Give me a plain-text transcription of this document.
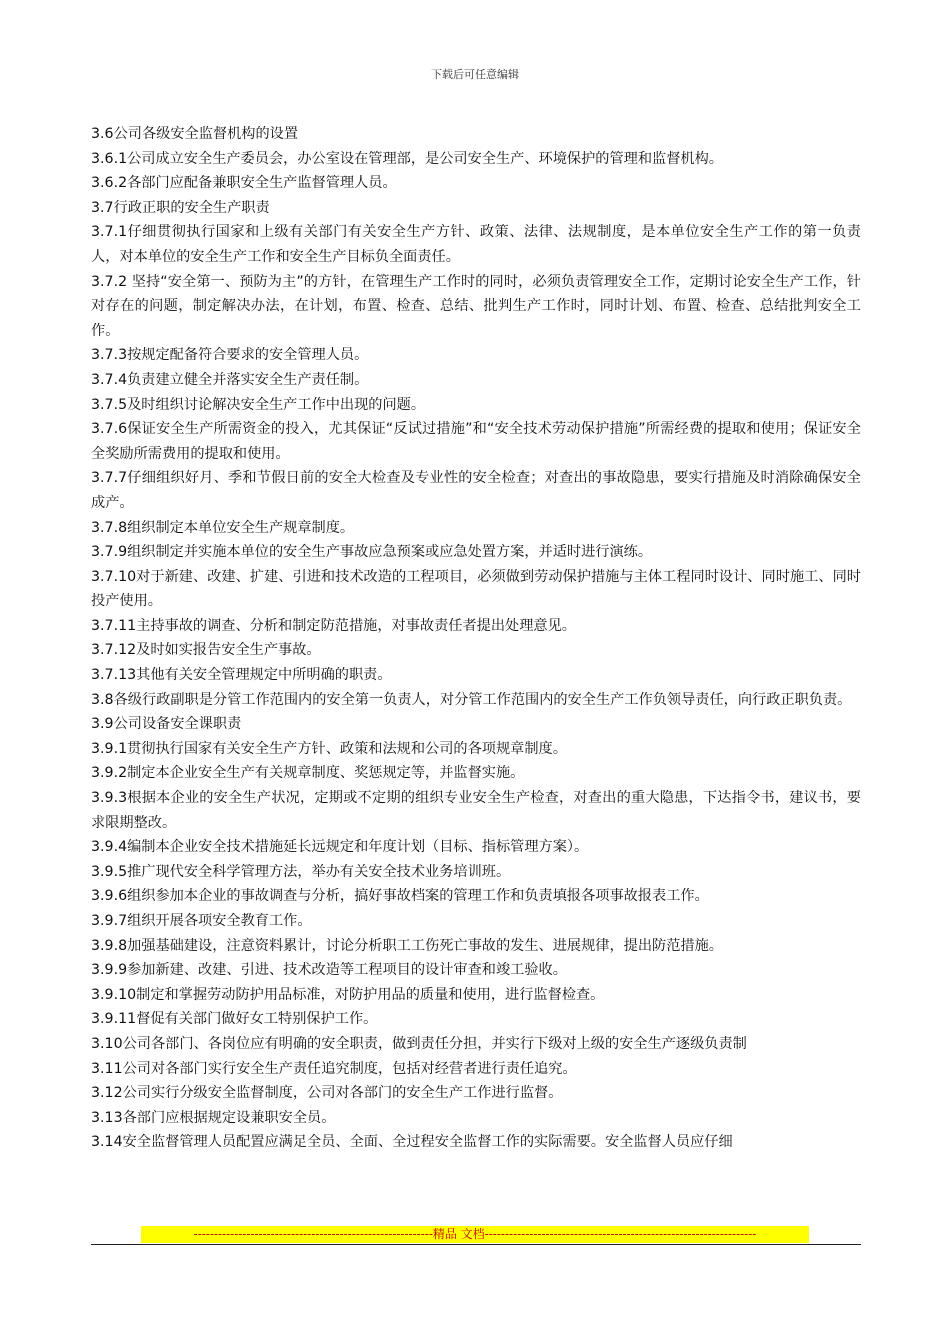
下载后可任意编辑

3.6公司各级安全监督机构的设置

3.6.1公司成立安全生产委员会，办公室设在管理部，是公司安全生产、环境保护的管理和监督机构。

3.6.2各部门应配备兼职安全生产监督管理人员。

3.7行政正职的安全生产职责

3.7.1仔细贯彻执行国家和上级有关部门有关安全生产方针、政策、法律、法规制度，是本单位安全生产工作的第一负责人，对本单位的安全生产工作和安全生产目标负全面责任。

3.7.2 坚持“安全第一、预防为主”的方针，在管理生产工作时的同时，必须负责管理安全工作，定期讨论安全生产工作，针对存在的问题，制定解决办法，在计划，布置、检查、总结、批判生产工作时，同时计划、布置、检查、总结批判安全工作。

3.7.3按规定配备符合要求的安全管理人员。

3.7.4负责建立健全并落实安全生产责任制。

3.7.5及时组织讨论解决安全生产工作中出现的问题。

3.7.6保证安全生产所需资金的投入，尤其保证“反试过措施”和“安全技术劳动保护措施”所需经费的提取和使用；保证安全全奖励所需费用的提取和使用。

3.7.7仔细组织好月、季和节假日前的安全大检查及专业性的安全检查；对查出的事故隐患，要实行措施及时消除确保安全成产。

3.7.8组织制定本单位安全生产规章制度。

3.7.9组织制定并实施本单位的安全生产事故应急预案或应急处置方案，并适时进行演练。

3.7.10对于新建、改建、扩建、引进和技术改造的工程项目，必须做到劳动保护措施与主体工程同时设计、同时施工、同时投产使用。

3.7.11主持事故的调查、分析和制定防范措施，对事故责任者提出处理意见。

3.7.12及时如实报告安全生产事故。

3.7.13其他有关安全管理规定中所明确的职责。

3.8各级行政副职是分管工作范围内的安全第一负责人，对分管工作范围内的安全生产工作负领导责任，向行政正职负责。

3.9公司设备安全课职责

3.9.1贯彻执行国家有关安全生产方针、政策和法规和公司的各项规章制度。

3.9.2制定本企业安全生产有关规章制度、奖惩规定等，并监督实施。

3.9.3根据本企业的安全生产状况，定期或不定期的组织专业安全生产检查，对查出的重大隐患，下达指令书，建议书，要求限期整改。

3.9.4编制本企业安全技术措施延长远规定和年度计划（目标、指标管理方案）。

3.9.5推广现代安全科学管理方法，举办有关安全技术业务培训班。

3.9.6组织参加本企业的事故调查与分析，搞好事故档案的管理工作和负责填报各项事故报表工作。

3.9.7组织开展各项安全教育工作。

3.9.8加强基础建设，注意资料累计，讨论分析职工工伤死亡事故的发生、进展规律，提出防范措施。

3.9.9参加新建、改建、引进、技术改造等工程项目的设计审查和竣工验收。

3.9.10制定和掌握劳动防护用品标准，对防护用品的质量和使用，进行监督检查。

3.9.11督促有关部门做好女工特别保护工作。

3.10公司各部门、各岗位应有明确的安全职责，做到责任分担，并实行下级对上级的安全生产逐级负责制

3.11公司对各部门实行安全生产责任追究制度，包括对经营者进行责任追究。

3.12公司实行分级安全监督制度，公司对各部门的安全生产工作进行监督。

3.13各部门应根据规定设兼职安全员。

3.14安全监督管理人员配置应满足全员、全面、全过程安全监督工作的实际需要。安全监督人员应仔细

-----------------------------------------------------------精品 文档-------------------------------------------------------------------
